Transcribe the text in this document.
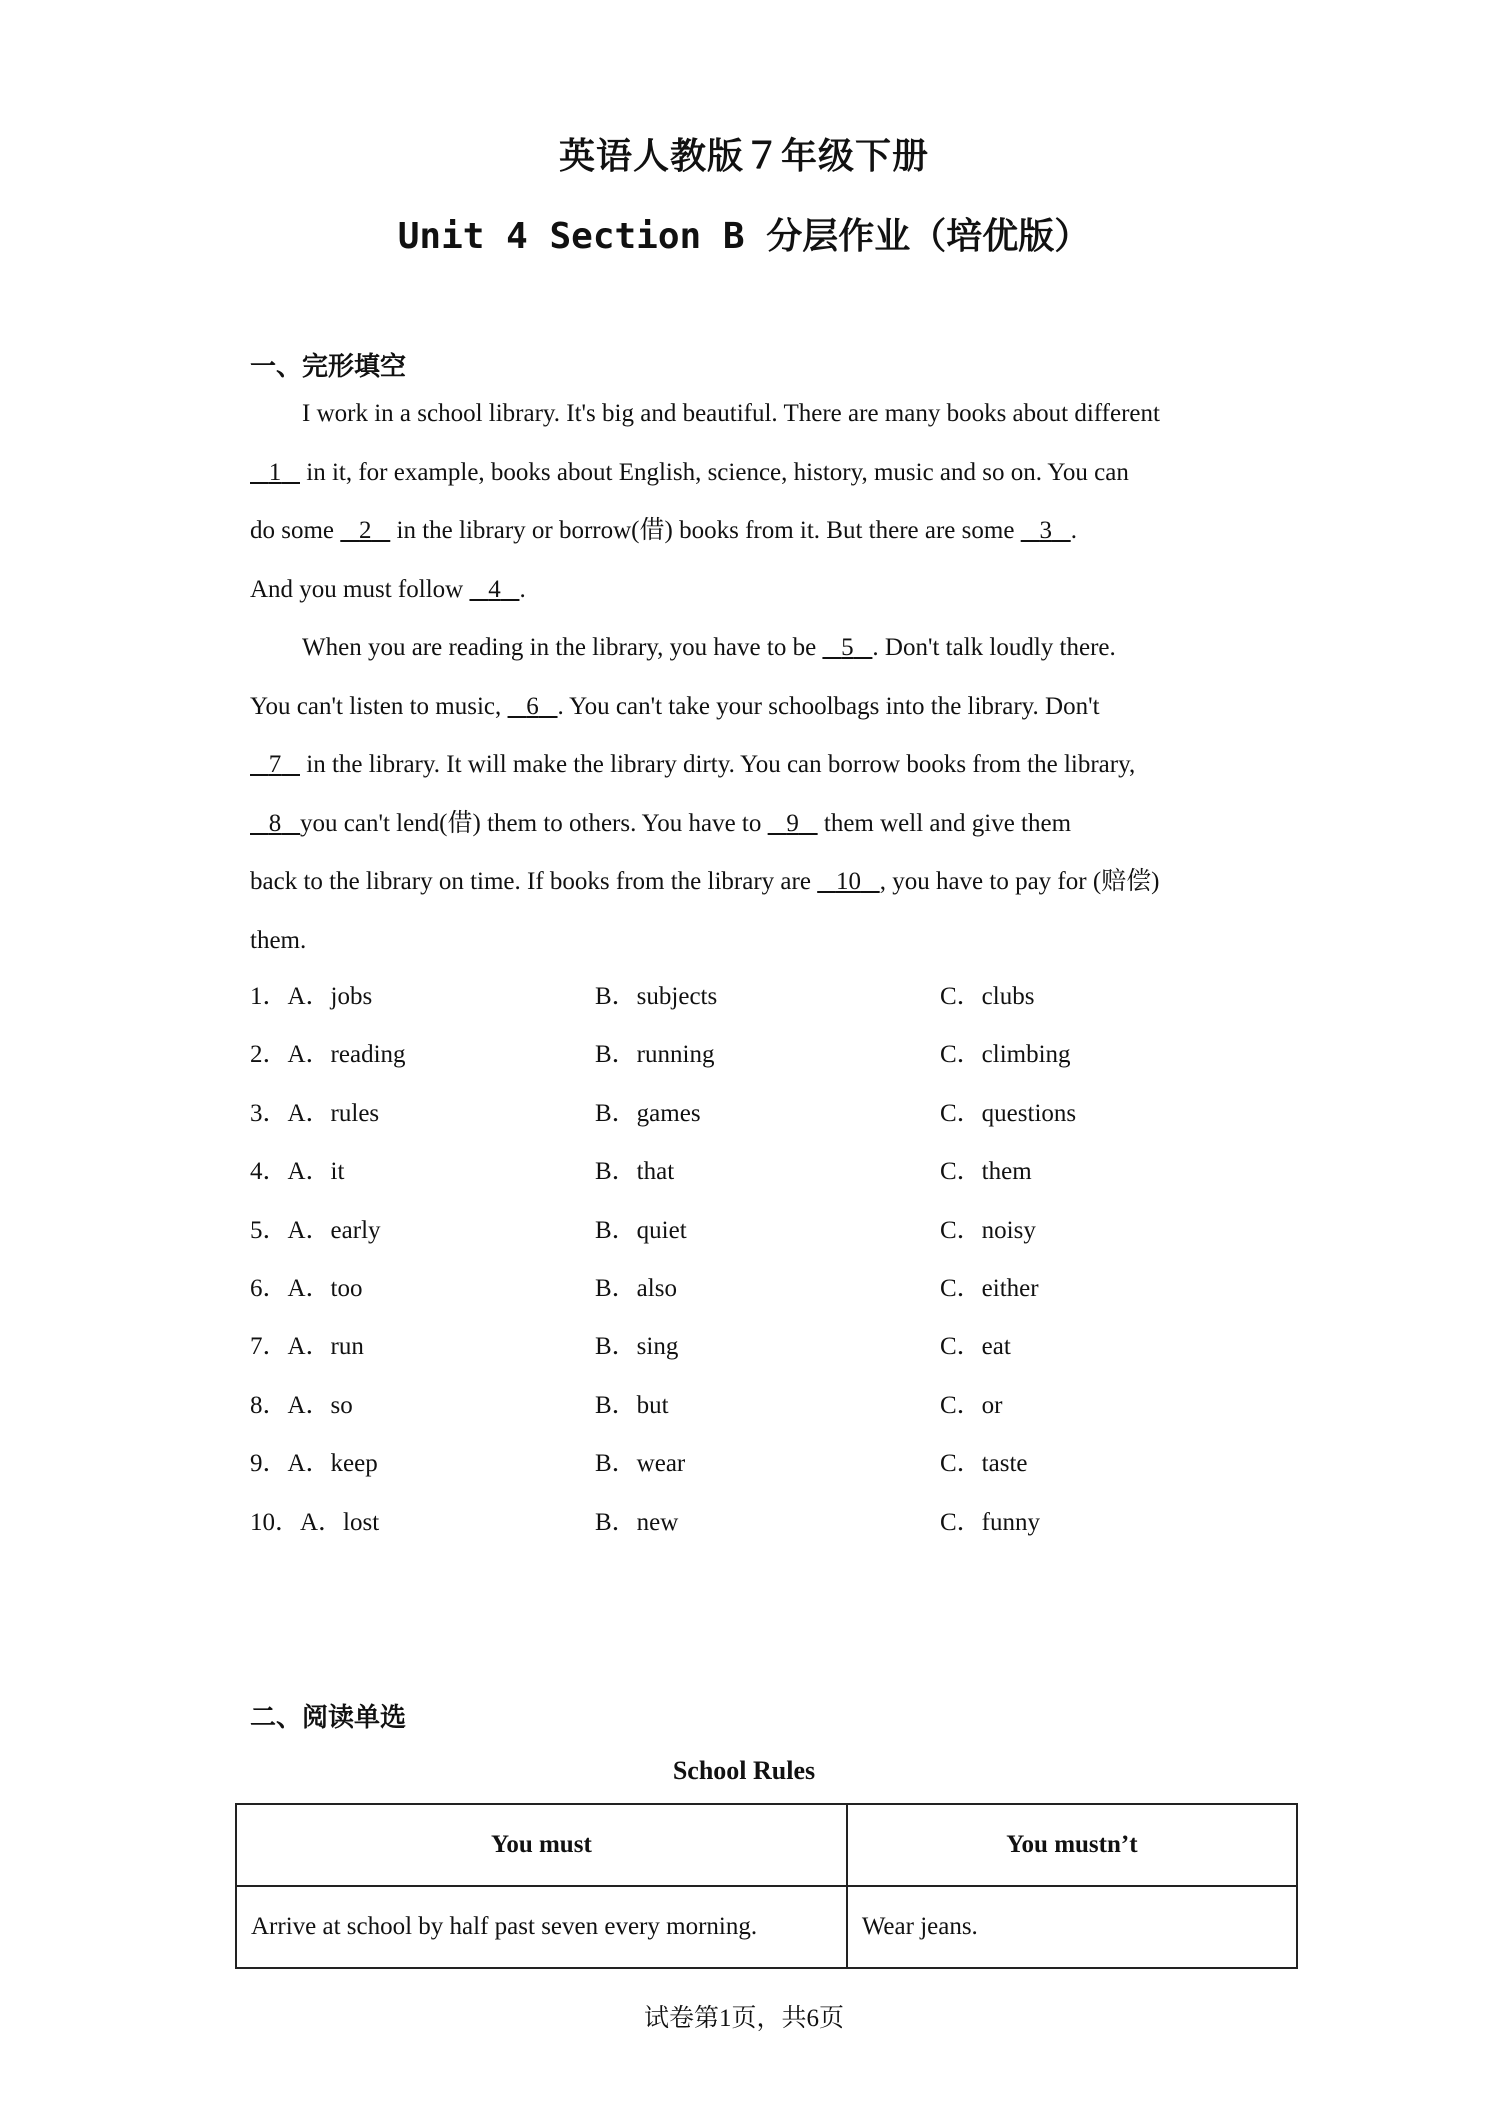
英语人教版７年级下册
Unit 4 Section B 分层作业（培优版）
一、完形填空
I work in a school library. It's big and beautiful. There are many books about different
1    in it, for example, books about English, science, history, music and so on. You can
do some    2    in the library or borrow(借) books from it. But there are some    3 .
And you must follow    4 .
When you are reading in the library, you have to be    5 . Don't talk loudly there.
You can't listen to music,    6 . You can't take your schoolbags into the library. Don't
7    in the library. It will make the library dirty. You can borrow books from the library,
8 you can't lend(借) them to others. You have to    9    them well and give them
back to the library on time. If books from the library are    10 , you have to pay for (赔偿)
them.
1．A．jobs	B．subjects	C．clubs
2．A．reading	B．running	C．climbing
3．A．rules	B．games	C．questions
4．A．it	B．that	C．them
5．A．early	B．quiet	C．noisy
6．A．too	B．also	C．either
7．A．run	B．sing	C．eat
8．A．so	B．but	C．or
9．A．keep	B．wear	C．taste
10．A．lost	B．new	C．funny
二、阅读单选
School Rules
You must	You mustn’t
Arrive at school by half past seven every morning.	Wear jeans.
试卷第1页，共6页
